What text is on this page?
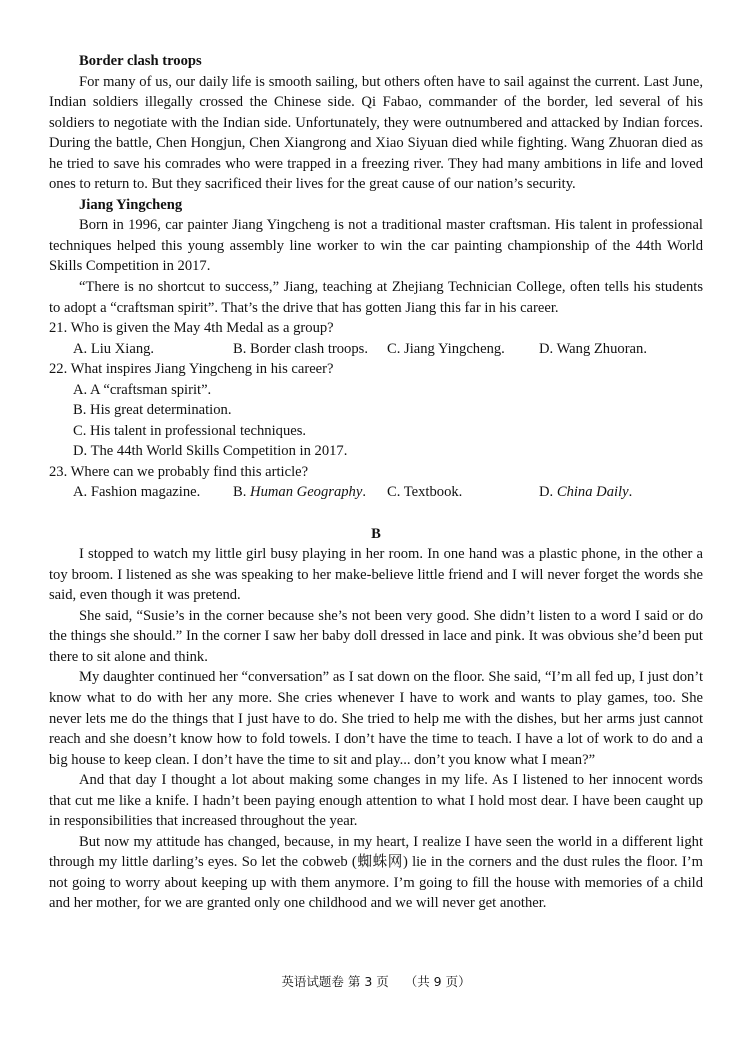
Border clash troops
For many of us, our daily life is smooth sailing, but others often have to sail against the current. Last June, Indian soldiers illegally crossed the Chinese side. Qi Fabao, commander of the border, led several of his soldiers to negotiate with the Indian side. Unfortunately, they were outnumbered and attacked by Indian forces. During the battle, Chen Hongjun, Chen Xiangrong and Xiao Siyuan died while fighting. Wang Zhuoran died as he tried to save his comrades who were trapped in a freezing river. They had many ambitions in life and loved ones to return to. But they sacrificed their lives for the great cause of our nation’s security.
Jiang Yingcheng
Born in 1996, car painter Jiang Yingcheng is not a traditional master craftsman. His talent in professional techniques helped this young assembly line worker to win the car painting championship of the 44th World Skills Competition in 2017.
“There is no shortcut to success,” Jiang, teaching at Zhejiang Technician College, often tells his students to adopt a “craftsman spirit”. That’s the drive that has gotten Jiang this far in his career.
21. Who is given the May 4th Medal as a group?
A. Liu Xiang.	B. Border clash troops. C. Jiang Yingcheng. D. Wang Zhuoran.
22. What inspires Jiang Yingcheng in his career?
A. A “craftsman spirit”.
B. His great determination.
C. His talent in professional techniques.
D. The 44th World Skills Competition in 2017.
23. Where can we probably find this article?
A. Fashion magazine. B. Human Geography. C. Textbook.	D. China Daily.
B
I stopped to watch my little girl busy playing in her room. In one hand was a plastic phone, in the other a toy broom. I listened as she was speaking to her make-believe little friend and I will never forget the words she said, even though it was pretend.
She said, “Susie’s in the corner because she’s not been very good. She didn’t listen to a word I said or do the things she should.” In the corner I saw her baby doll dressed in lace and pink. It was obvious she’d been put there to sit alone and think.
My daughter continued her “conversation” as I sat down on the floor. She said, “I’m all fed up, I just don’t know what to do with her any more. She cries whenever I have to work and wants to play games, too. She never lets me do the things that I just have to do. She tried to help me with the dishes, but her arms just cannot reach and she doesn’t know how to fold towels. I don’t have the time to teach. I have a lot of work to do and a big house to keep clean. I don’t have the time to sit and play... don’t you know what I mean?”
And that day I thought a lot about making some changes in my life. As I listened to her innocent words that cut me like a knife. I hadn’t been paying enough attention to what I hold most dear. I have been caught up in responsibilities that increased throughout the year.
But now my attitude has changed, because, in my heart, I realize I have seen the world in a different light through my little darling’s eyes. So let the cobweb (蜘蛛网) lie in the corners and the dust rules the floor. I’m not going to worry about keeping up with them anymore. I’m going to fill the house with memories of a child and her mother, for we are granted only one childhood and we will never get another.
英语试题卷 第 3 页 （共 9 页）
